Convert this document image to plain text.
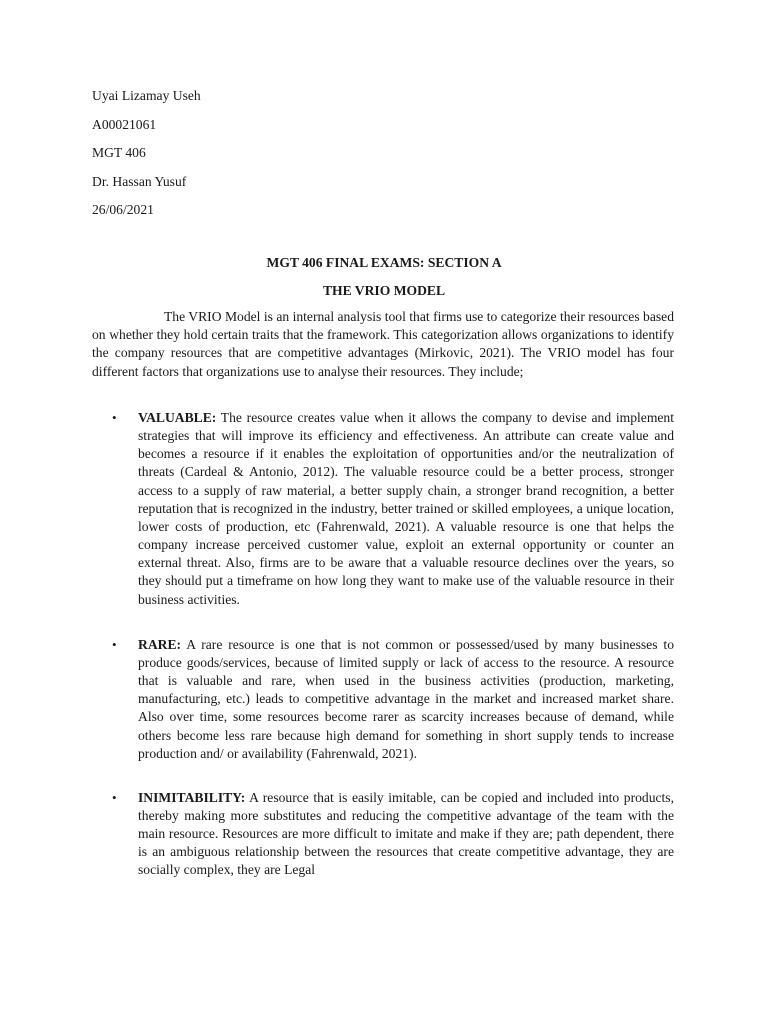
Uyai Lizamay Useh
A00021061
MGT 406
Dr. Hassan Yusuf
26/06/2021
MGT 406 FINAL EXAMS: SECTION A
THE VRIO MODEL

The VRIO Model is an internal analysis tool that firms use to categorize their resources based on whether they hold certain traits that the framework. This categorization allows organizations to identify the company resources that are competitive advantages (Mirkovic, 2021). The VRIO model has four different factors that organizations use to analyse their resources. They include;

• VALUABLE: The resource creates value when it allows the company to devise and implement strategies that will improve its efficiency and effectiveness. An attribute can create value and becomes a resource if it enables the exploitation of opportunities and/or the neutralization of threats (Cardeal & Antonio, 2012). The valuable resource could be a better process, stronger access to a supply of raw material, a better supply chain, a stronger brand recognition, a better reputation that is recognized in the industry, better trained or skilled employees, a unique location, lower costs of production, etc (Fahrenwald, 2021). A valuable resource is one that helps the company increase perceived customer value, exploit an external opportunity or counter an external threat. Also, firms are to be aware that a valuable resource declines over the years, so they should put a timeframe on how long they want to make use of the valuable resource in their business activities.
• RARE: A rare resource is one that is not common or possessed/used by many businesses to produce goods/services, because of limited supply or lack of access to the resource. A resource that is valuable and rare, when used in the business activities (production, marketing, manufacturing, etc.) leads to competitive advantage in the market and increased market share. Also over time, some resources become rarer as scarcity increases because of demand, while others become less rare because high demand for something in short supply tends to increase production and/ or availability (Fahrenwald, 2021).
• INIMITABILITY: A resource that is easily imitable, can be copied and included into products, thereby making more substitutes and reducing the competitive advantage of the team with the main resource. Resources are more difficult to imitate and make if they are; path dependent, there is an ambiguous relationship between the resources that create competitive advantage, they are socially complex, they are Legal
